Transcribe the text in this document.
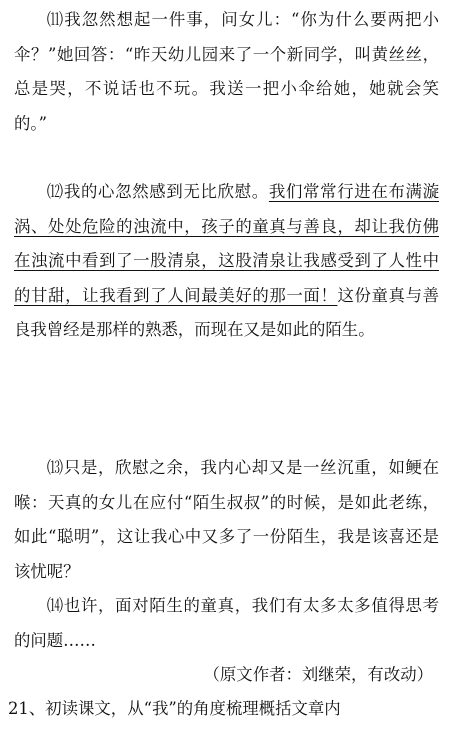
⑾我忽然想起一件事，问女儿：“你为什么要两把小伞？”她回答：“昨天幼儿园来了一个新同学，叫黄丝丝，总是哭，不说话也不玩。我送一把小伞给她，她就会笑的。”

⑿我的心忽然感到无比欣慰。我们常常行进在布满漩涡、处处危险的浊流中，孩子的童真与善良，却让我仿佛在浊流中看到了一股清泉，这股清泉让我感受到了人性中的甘甜，让我看到了人间最美好的那一面！这份童真与善良我曾经是那样的熟悉，而现在又是如此的陌生。

⒀只是，欣慰之余，我内心却又是一丝沉重，如鲠在喉：天真的女儿在应付“陌生叔叔”的时候，是如此老练，如此“聪明”，这让我心中又多了一份陌生，我是该喜还是该忧呢？

⒁也许，面对陌生的童真，我们有太多太多值得思考的问题……

（原文作者：刘继荣，有改动）

21、初读课文，从“我”的角度梳理概括文章内
